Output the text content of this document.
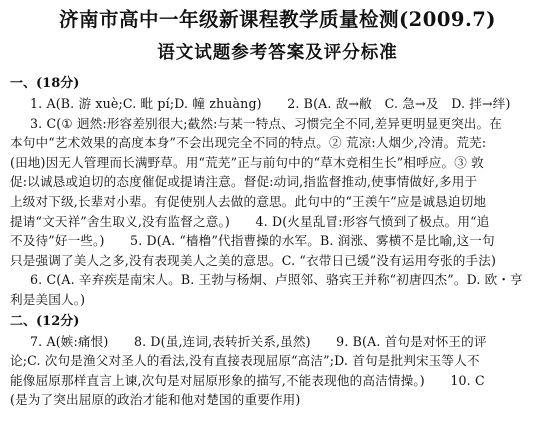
济南市高中一年级新课程教学质量检测(2009.7)
语文试题参考答案及评分标准
一、(18分)
1. A(B. 游 xuè;C. 毗 pí;D. 幢 zhuàng)　　2. B(A. 敌→敝　C. 急→及　D. 拌→绊)
3. C(① 迥然:形容差别很大;截然:与某一特点、习惯完全不同,差异更明显更突出。在
本句中“艺术效果的高度本身”不会出现完全不同的特点。② 荒凉:人烟少,冷清。荒芜:
(田地)因无人管理而长满野草。用“荒芜”正与前句中的“草木竞相生长”相呼应。③ 敦
促:以诚恳或迫切的态度催促或提请注意。督促:动词,指监督推动,使事情做好,多用于
上级对下级,长辈对小辈。有促使别人去做的意思。此句中的“王羡午”应是诚恳迫切地
提请“文天祥”舍生取义,没有监督之意。)　　4. D(火星乱冒:形容气愤到了极点。用“追
不及待”好一些。)　　5. D(A. “樯橹”代指曹操的水军。B. 润涨、雾横不是比喻,这一句
只是强调了美人之多,没有表现美人之美的意思。C. “衣带日已缓”没有运用夸张的手法)
6. C(A. 辛弃疾是南宋人。B. 王勃与杨炯、卢照邻、骆宾王并称“初唐四杰”。D. 欧・亨
利是美国人。)
二、(12分)
7. A(嫉:痛恨)　　8. D(虽,连词,表转折关系,虽然)　　9. B(A. 首句是对怀王的评
论;C. 次句是渔父对圣人的看法,没有直接表现屈原“高洁”;D. 首句是批判宋玉等人不
能像屈原那样直言上谏,次句是对屈原形象的描写,不能表现他的高洁情操。)　　10. C
(是为了突出屈原的政治才能和他对楚国的重要作用)
